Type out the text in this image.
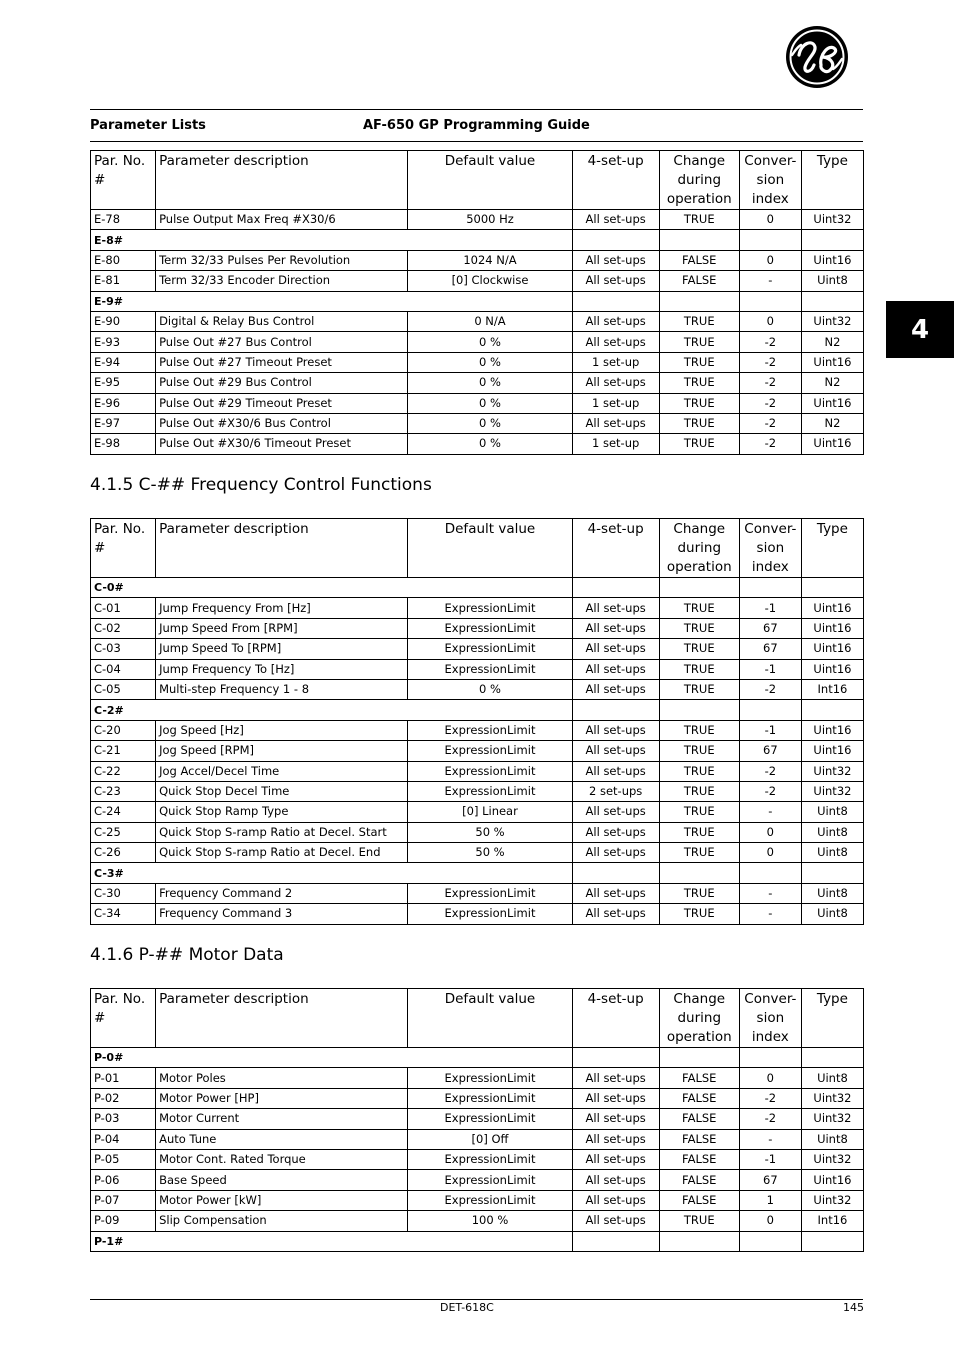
Parameter Lists	AF-650 GP Programming Guide
4
Par. No. #	Parameter description	Default value	4-set-up	Change during operation	Conver- sion index	Type
E-78	Pulse Output Max Freq #X30/6	5000 Hz	All set-ups	TRUE	0	Uint32
E-8#						
E-80	Term 32/33 Pulses Per Revolution	1024 N/A	All set-ups	FALSE	0	Uint16
E-81	Term 32/33 Encoder Direction	[0] Clockwise	All set-ups	FALSE	-	Uint8
E-9#						
E-90	Digital & Relay Bus Control	0 N/A	All set-ups	TRUE	0	Uint32
E-93	Pulse Out #27 Bus Control	0 %	All set-ups	TRUE	-2	N2
E-94	Pulse Out #27 Timeout Preset	0 %	1 set-up	TRUE	-2	Uint16
E-95	Pulse Out #29 Bus Control	0 %	All set-ups	TRUE	-2	N2
E-96	Pulse Out #29 Timeout Preset	0 %	1 set-up	TRUE	-2	Uint16
E-97	Pulse Out #X30/6 Bus Control	0 %	All set-ups	TRUE	-2	N2
E-98	Pulse Out #X30/6 Timeout Preset	0 %	1 set-up	TRUE	-2	Uint16
4.1.5 C-## Frequency Control Functions
Par. No. #	Parameter description	Default value	4-set-up	Change during operation	Conver- sion index	Type
C-0#						
C-01	Jump Frequency From [Hz]	ExpressionLimit	All set-ups	TRUE	-1	Uint16
C-02	Jump Speed From [RPM]	ExpressionLimit	All set-ups	TRUE	67	Uint16
C-03	Jump Speed To [RPM]	ExpressionLimit	All set-ups	TRUE	67	Uint16
C-04	Jump Frequency To [Hz]	ExpressionLimit	All set-ups	TRUE	-1	Uint16
C-05	Multi-step Frequency 1 - 8	0 %	All set-ups	TRUE	-2	Int16
C-2#						
C-20	Jog Speed [Hz]	ExpressionLimit	All set-ups	TRUE	-1	Uint16
C-21	Jog Speed [RPM]	ExpressionLimit	All set-ups	TRUE	67	Uint16
C-22	Jog Accel/Decel Time	ExpressionLimit	All set-ups	TRUE	-2	Uint32
C-23	Quick Stop Decel Time	ExpressionLimit	2 set-ups	TRUE	-2	Uint32
C-24	Quick Stop Ramp Type	[0] Linear	All set-ups	TRUE	-	Uint8
C-25	Quick Stop S-ramp Ratio at Decel. Start	50 %	All set-ups	TRUE	0	Uint8
C-26	Quick Stop S-ramp Ratio at Decel. End	50 %	All set-ups	TRUE	0	Uint8
C-3#						
C-30	Frequency Command 2	ExpressionLimit	All set-ups	TRUE	-	Uint8
C-34	Frequency Command 3	ExpressionLimit	All set-ups	TRUE	-	Uint8
4.1.6 P-## Motor Data
Par. No. #	Parameter description	Default value	4-set-up	Change during operation	Conver- sion index	Type
P-0#						
P-01	Motor Poles	ExpressionLimit	All set-ups	FALSE	0	Uint8
P-02	Motor Power [HP]	ExpressionLimit	All set-ups	FALSE	-2	Uint32
P-03	Motor Current	ExpressionLimit	All set-ups	FALSE	-2	Uint32
P-04	Auto Tune	[0] Off	All set-ups	FALSE	-	Uint8
P-05	Motor Cont. Rated Torque	ExpressionLimit	All set-ups	FALSE	-1	Uint32
P-06	Base Speed	ExpressionLimit	All set-ups	FALSE	67	Uint16
P-07	Motor Power [kW]	ExpressionLimit	All set-ups	FALSE	1	Uint32
P-09	Slip Compensation	100 %	All set-ups	TRUE	0	Int16
P-1#						
DET-618C	145
